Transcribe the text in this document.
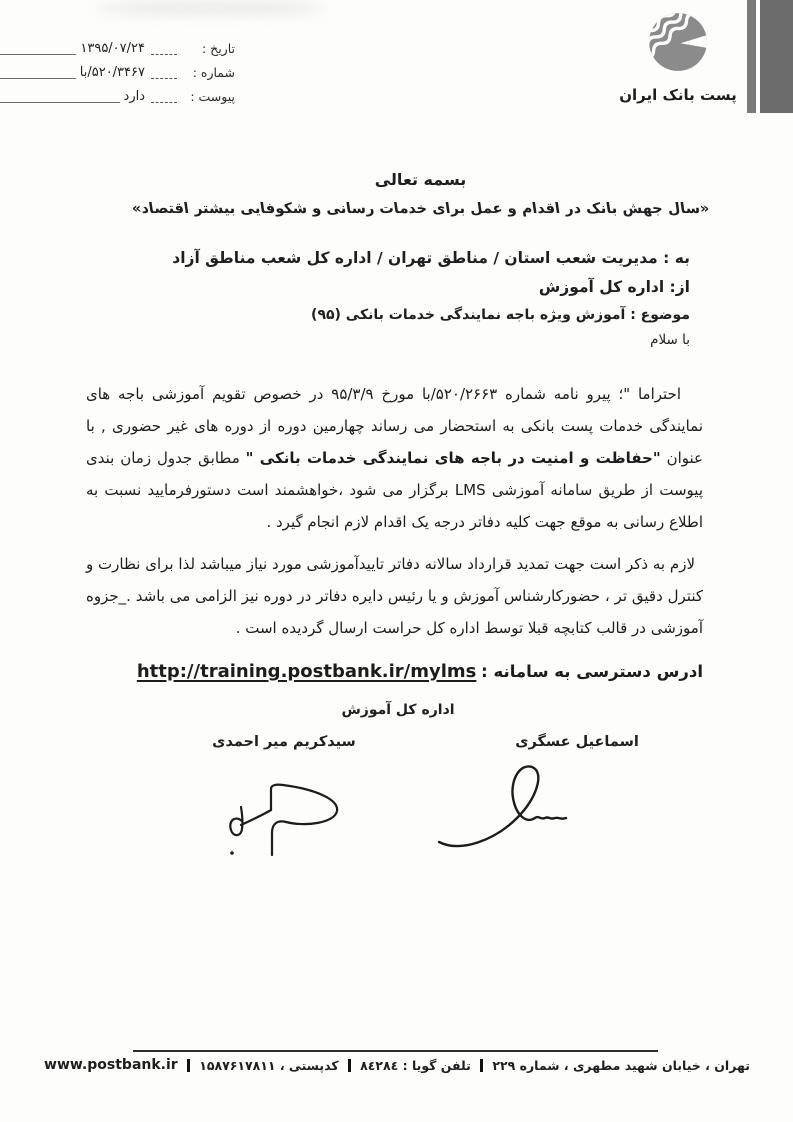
پست بانک ایران
تاریخ :
۱۳۹۵/۰۷/۲۴
شماره :
۵۲۰/۳۴۶۷/با
پیوست :
دارد
بسمه تعالی
«سال جهش بانک در اقدام و عمل برای خدمات رسانی و شکوفایی بیشتر اقتصاد»
به : مدیریت شعب استان / مناطق تهران / اداره کل شعب مناطق آزاد
از: اداره کل آموزش
موضوع : آموزش ویژه باجه نمایندگی خدمات بانکی (۹۵)
با سلام

احتراما "؛ پیرو نامه شماره ۵۲۰/۲۶۶۳/با مورخ ۹۵/۳/۹ در خصوص تقویم آموزشی باجه های نمایندگی خدمات پست بانکی به استحضار می رساند چهارمین دوره از دوره های غیر حضوری , با عنوان "حفاظت و امنیت در باجه های نمایندگی خدمات بانکی " مطابق جدول زمان بندی پیوست از طریق سامانه آموزشی LMS برگزار می شود ،خواهشمند است دستورفرمایید نسبت به اطلاع رسانی به موقع جهت کلیه دفاتر درجه یک اقدام لازم انجام گیرد .

لازم به ذکر است جهت تمدید قرارداد سالانه دفاتر تاییدآموزشی مورد نیاز میباشد لذا برای نظارت و کنترل دقیق تر ، حضورکارشناس آموزش و یا رئیس دایره دفاتر در دوره نیز الزامی می باشد ._جزوه آموزشی در قالب کتابچه قبلا توسط اداره کل حراست ارسال گردیده است .

ادرس دسترسی به سامانه : http://training.postbank.ir/mylms
اداره کل آموزش
اسماعیل عسگری
سیدکریم میر احمدی
تهران ، خیابان شهید مطهری ، شماره ۲۲۹
تلفن گویا : ۸٤۲۸٤
کدپستی ، ۱۵۸۷۶۱۷۸۱۱
www.postbank.ir
